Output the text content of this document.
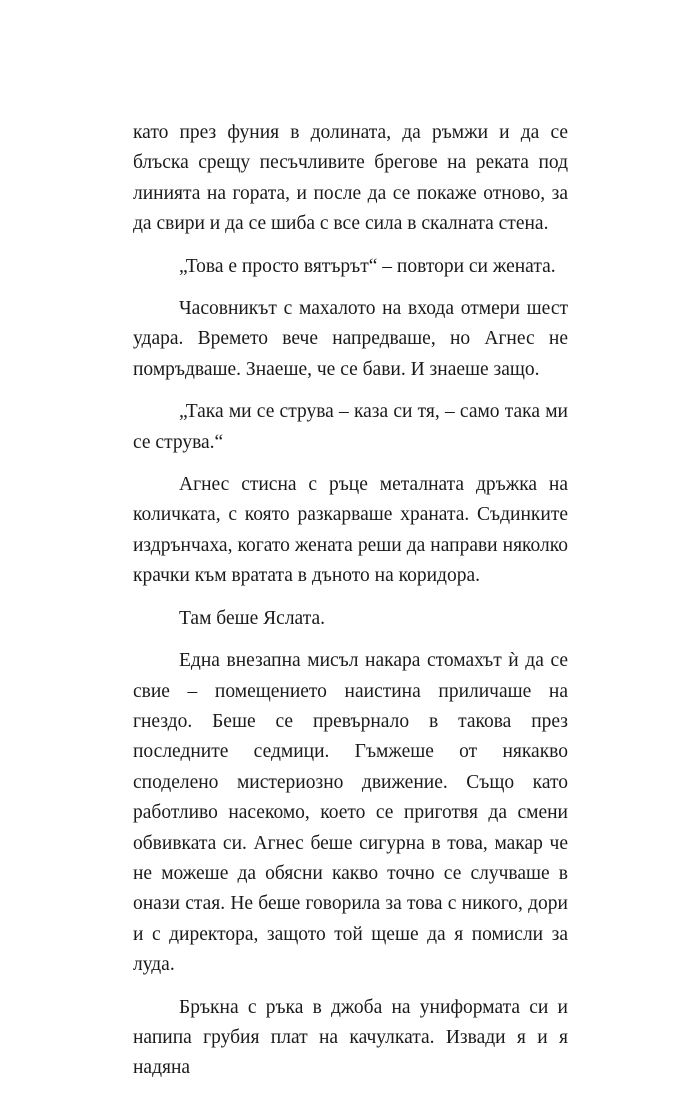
като през фуния в долината, да ръмжи и да се блъска срещу песъчливите брегове на реката под линията на гората, и после да се покаже отново, за да свири и да се шиба с все сила в скалната стена.

„Това е просто вятърът“ – повтори си жената.

Часовникът с махалото на входа отмери шест удара. Времето вече напредваше, но Агнес не помръдваше. Знаеше, че се бави. И знаеше защо.

„Така ми се струва – каза си тя, – само така ми се струва.“

Агнес стисна с ръце металната дръжка на количката, с която разкарваше храната. Съдинките издрънчаха, когато жената реши да направи няколко крачки към вратата в дъното на коридора.

Там беше Яслата.

Една внезапна мисъл накара стомахът ѝ да се свие – помещението наистина приличаше на гнездо. Беше се превърнало в такова през последните седмици. Гъмжеше от някакво споделено мистериозно движение. Също като работливо насекомо, което се приготвя да смени обвивката си. Агнес беше сигурна в това, макар че не можеше да обясни какво точно се случваше в онази стая. Не беше говорила за това с никого, дори и с директора, защото той щеше да я помисли за луда.

Бръкна с ръка в джоба на униформата си и напипа грубия плат на качулката. Извади я и я надяна
